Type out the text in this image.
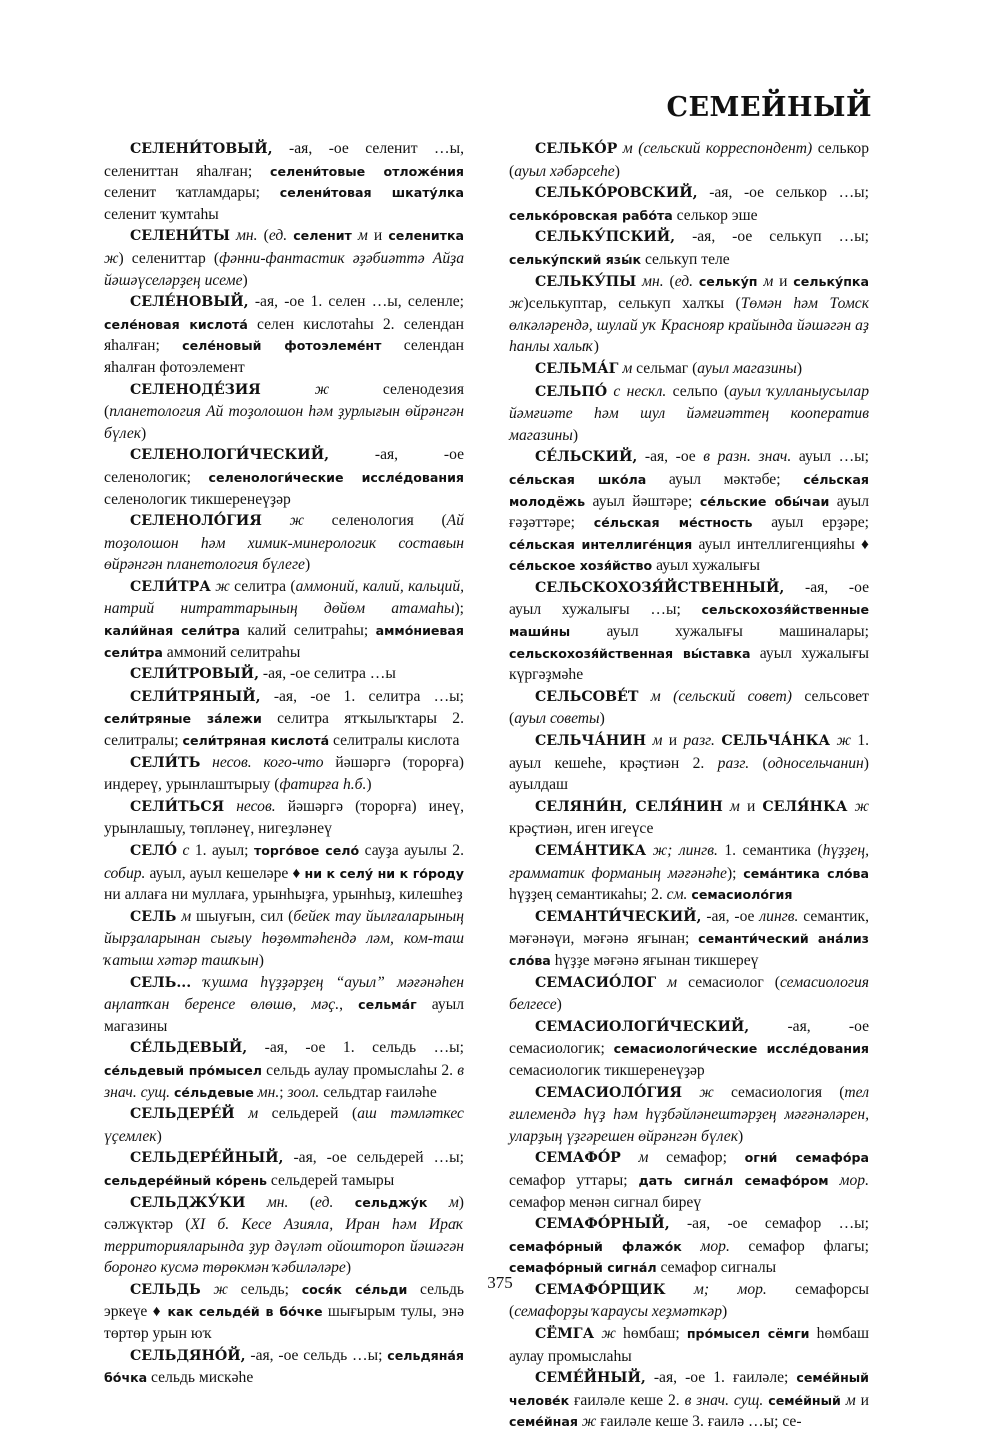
СЕМЕЙНЫЙ

СЕЛЕНИ́ТОВЫЙ, -ая, -ое селенит …ы, селениттан яһалған; селени́товые отложе́ния селенит ҡатламдары; селени́товая шкату́лка селенит ҡумтаһы

СЕЛЕНИ́ТЫ мн. (ед. селенит м и селенитка ж) селениттар (фәнни-фантастик әҙәбиәттә Айҙа йәшәүселәрҙең исеме)

СЕЛЕ́НОВЫЙ, -ая, -ое 1. селен …ы, селенле; селе́новая кислота́ селен кислотаһы 2. селендан яһалған; селе́новый фотоэлеме́нт селендан яһалған фотоэлемент

СЕЛЕНОДЕ́ЗИЯ ж селенодезия (планетология Ай тоҙолошон һәм ҙурлығын өйрәнгән бүлек)

СЕЛЕНОЛОГИ́ЧЕСКИЙ, -ая, -ое селенологик; селенологи́ческие иссле́дования селенологик тикшеренеүҙәр

СЕЛЕНОЛО́ГИЯ ж селенология (Ай тоҙолошон һәм химик-минерологик составын өйрәнгән планетология бүлеге)

СЕЛИ́ТРА ж селитра (аммоний, калий, кальций, натрий нитраттарының дөйөм атамаһы); кали́йная сели́тра калий селитраһы; аммо́ниевая сели́тра аммоний селитраһы

СЕЛИ́ТРОВЫЙ, -ая, -ое селитра …ы

СЕЛИ́ТРЯНЫЙ, -ая, -ое 1. селитра …ы; сели́тряные за́лежи селитра ятҡылыҡтары 2. селитралы; сели́тряная кислота́ селитралы кислота

СЕЛИ́ТЬ несов. кого-что йәшәргә (торорға) индереү, урынлаштырыу (фатирға һ.б.)

СЕЛИ́ТЬСЯ несов. йәшәргә (торорға) инеү, урынлашыу, төпләнеү, нигеҙләнеү

СЕЛО́ с 1. ауыл; торго́вое село́ сауҙа ауылы 2. собир. ауыл, ауыл кешеләре ♦ ни к селу́ ни к го́роду ни аллаға ни муллаға, урынһыҙға, урынһыҙ, килешһеҙ

СЕЛЬ м шыуғын, сил (бейек тау йылғаларының йырҙаларынан сығыу һөҙөмтәһендә ләм, ком-таш ҡатыш хәтәр ташҡын)

СЕЛЬ... ҡушма һүҙҙәрҙең “ауыл” мәғәнәһен аңлатҡан беренсе өлөшө, мәҫ., сельма́г ауыл магазины

СЕ́ЛЬДЕВЫЙ, -ая, -ое 1. сельдь …ы; се́льдевый про́мысел сельдь аулау промыслаһы 2. в знач. сущ. се́льдевые мн.; зоол. сельдтар ғаиләһе

СЕЛЬДЕРЕ́Й м сельдерей (аш тәмләткес үҫемлек)

СЕЛЬДЕРЕ́ЙНЫЙ, -ая, -ое сельдерей …ы; сельдере́йный ко́рень сельдерей тамыры

СЕЛЬДЖУ́КИ мн. (ед. сельджу́к м) сәлжүктәр (XI б. Кесе Азияла, Иран һәм Ираҡ территорияларында ҙур дәүләт ойоштороп йәшәгән боронғо кусмә төрөкмән ҡәбиләләре)

СЕЛЬДЬ ж сельдь; сося́к се́льди сельдь эркеүе ♦ как сельде́й в бо́чке шығырым тулы, энә төртөр урын юҡ

СЕЛЬДЯНО́Й, -ая, -ое сельдь …ы; сельдяна́я бо́чка сельдь мискәһе

СЕЛЬКО́Р м (сельский корреспондент) селькор (ауыл хәбәрсеһе)

СЕЛЬКО́РОВСКИЙ, -ая, -ое селькор …ы; селько́ровская рабо́та селькор эше

СЕЛЬКУ́ПСКИЙ, -ая, -ое селькуп …ы; сельку́пский язы́к селькуп теле

СЕЛЬКУ́ПЫ мн. (ед. сельку́п м и сельку́пка ж)селькуптар, селькуп халҡы (Төмән һәм Томск өлкәләрендә, шулай уҡ Краснояр крайында йәшәгән аҙ һанлы халыҡ)

СЕЛЬМА́Г м сельмаг (ауыл магазины)

СЕЛЬПО́ с нескл. сельпо (ауыл ҡулланыусылар йәмғиәте һәм шул йәмғиәттең кооператив магазины)

СЕ́ЛЬСКИЙ, -ая, -ое в разн. знач. ауыл …ы; се́льская шко́ла ауыл мәктәбе; се́льская молодёжь ауыл йәштәре; се́льские обы́чаи ауыл ғәҙәттәре; се́льская ме́стность ауыл ерҙәре; се́льская интеллиге́нция ауыл интеллигенцияһы ♦ се́льское хозя́йство ауыл хужалығы

СЕЛЬСКОХОЗЯ́ЙСТВЕННЫЙ, -ая, -ое ауыл хужалығы …ы; сельскохозя́йственные маши́ны ауыл хужалығы машиналары; сельскохозя́йственная вы́ставка ауыл хужалығы күргәҙмәһе

СЕЛЬСОВЕ́Т м (сельский совет) сельсовет (ауыл советы)

СЕЛЬЧА́НИН м и разг. СЕЛЬЧА́НКА ж 1. ауыл кешеһе, крәҫтиән 2. разг. (односельчанин) ауылдаш

СЕЛЯНИ́Н, СЕЛЯ́НИН м и СЕЛЯ́НКА ж крәҫтиән, иген игеүсе

СЕМА́НТИКА ж; лингв. 1. семантика (һүҙҙең, грамматик форманың мәғәнәһе); сема́нтика сло́ва һүҙҙең семантикаһы; 2. см. семасиоло́гия

СЕМАНТИ́ЧЕСКИЙ, -ая, -ое лингв. семантик, мәғәнәүи, мәғәнә яғынан; семанти́ческий ана́лиз сло́ва һүҙҙе мәғәнә яғынан тикшереү

СЕМАСИО́ЛОГ м семасиолог (семасиология белгесе)

СЕМАСИОЛОГИ́ЧЕСКИЙ, -ая, -ое семасиологик; семасиологи́ческие иссле́дования семасиологик тикшеренеүҙәр

СЕМАСИОЛО́ГИЯ ж семасиология (тел ғилемендә һүҙ һәм һүҙбәйләнештәрҙең мәғәнәләрен, уларҙың үҙгәрешен өйрәнгән бүлек)

СЕМАФО́Р м семафор; огни́ семафо́ра семафор уттары; дать сигна́л семафо́ром мор. семафор менән сигнал биреү

СЕМАФО́РНЫЙ, -ая, -ое семафор …ы; семафо́рный флажо́к мор. семафор флагы; семафо́рный сигна́л семафор сигналы

СЕМАФО́РЩИК м; мор. семафорсы (семафорҙы ҡараусы хеҙмәткәр)

СЁМГА ж һөмбаш; про́мысел сёмги һөмбаш аулау промыслаһы

СЕМЕ́ЙНЫЙ, -ая, -ое 1. ғаиләле; семе́йный челове́к ғаиләле кеше 2. в знач. сущ. семе́йный м и семе́йная ж ғаиләле кеше 3. ғаилә …ы; се-

375
